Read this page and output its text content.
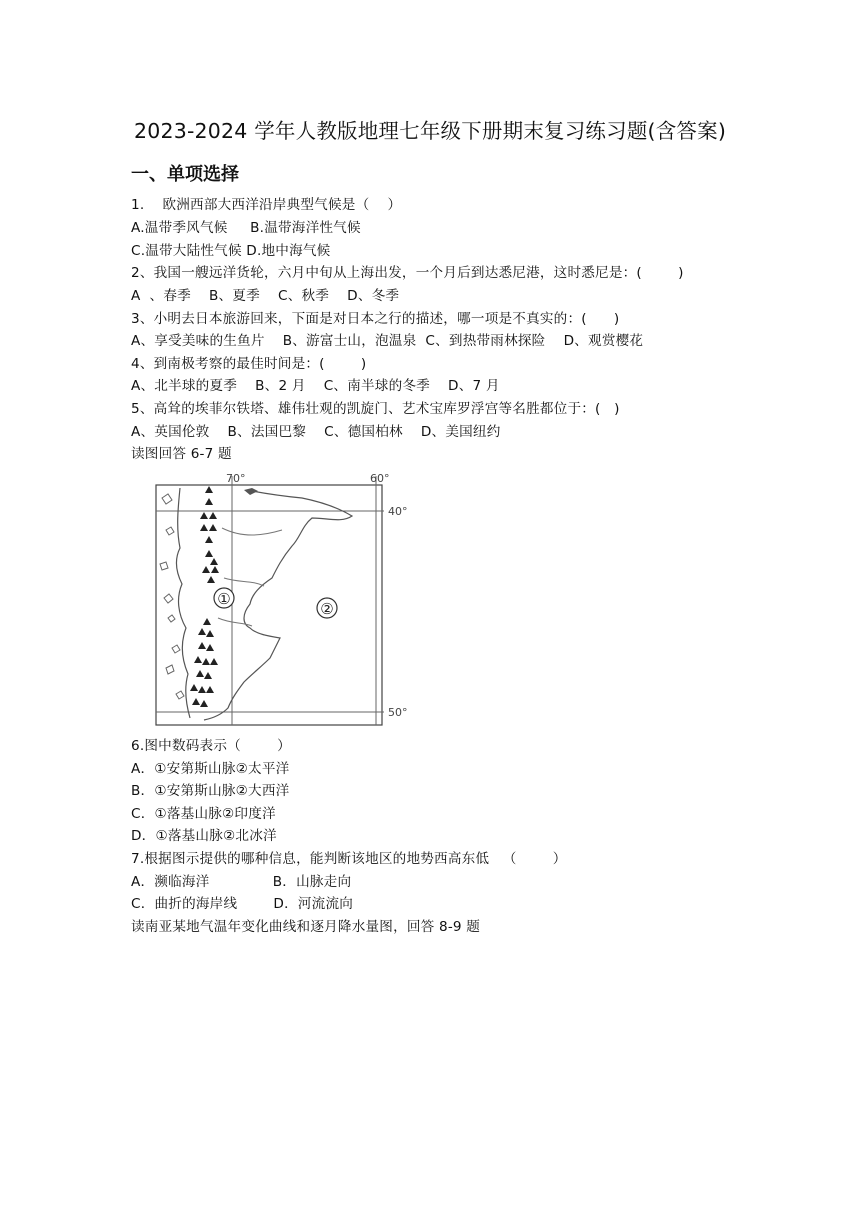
2023-2024 学年人教版地理七年级下册期末复习练习题(含答案)
一、单项选择
1.    欧洲西部大西洋沿岸典型气候是（    ）
A.温带季风气候     B.温带海洋性气候
C.温带大陆性气候 D.地中海气候
2、我国一艘远洋货轮，六月中旬从上海出发，一个月后到达悉尼港，这时悉尼是：(        )
A  、春季    B、夏季    C、秋季    D、冬季
3、小明去日本旅游回来，下面是对日本之行的描述，哪一项是不真实的：(      )
A、享受美味的生鱼片    B、游富士山，泡温泉  C、到热带雨林探险    D、观赏樱花
4、到南极考察的最佳时间是：(        )
A、北半球的夏季    B、2 月    C、南半球的冬季    D、7 月
5、高耸的埃菲尔铁塔、雄伟壮观的凯旋门、艺术宝库罗浮宫等名胜都位于：(   )
A、英国伦敦    B、法国巴黎    C、德国柏林    D、美国纽约
读图回答 6-7 题
①
②
70°	60°
40°
50°
6.图中数码表示（        ）
A．①安第斯山脉②太平洋
B．①安第斯山脉②大西洋
C．①落基山脉②印度洋
D．①落基山脉②北冰洋
7.根据图示提供的哪种信息，能判断该地区的地势西高东低   （        ）
A．濒临海洋              B．山脉走向
C．曲折的海岸线        D．河流流向
读南亚某地气温年变化曲线和逐月降水量图，回答 8-9 题
